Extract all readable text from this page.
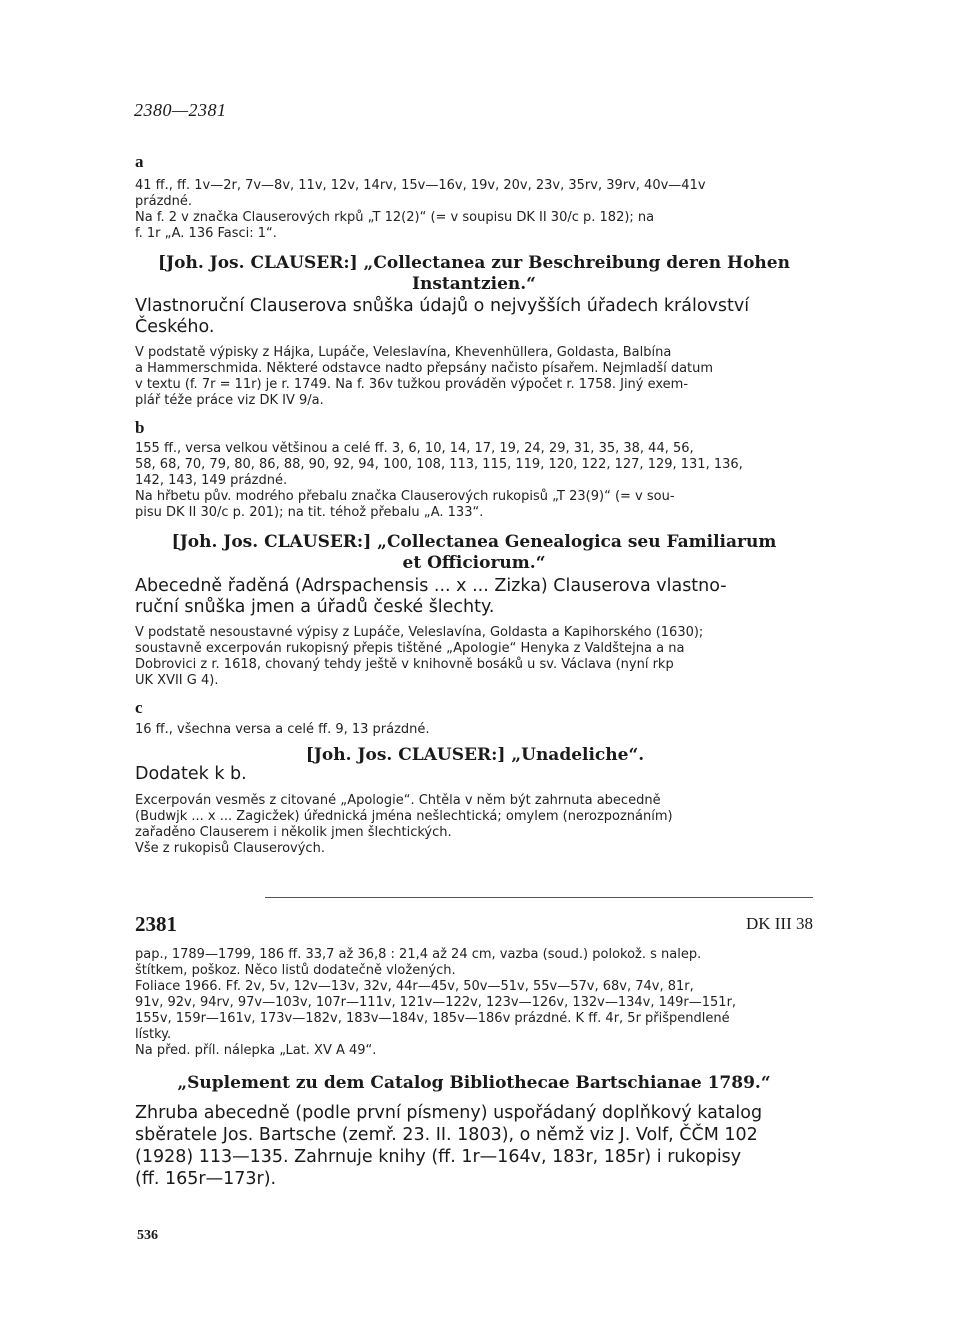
2380—2381
a
41 ff., ff. 1v—2r, 7v—8v, 11v, 12v, 14rv, 15v—16v, 19v, 20v, 23v, 35rv, 39rv, 40v—41v
prázdné.
Na f. 2 v značka Clauserových rkpů „T 12(2)“ (= v soupisu DK II 30/c p. 182); na
f. 1r „A. 136 Fasci: 1“.
[Joh. Jos. CLAUSER:] „Collectanea zur Beschreibung deren Hohen
Instantzien.“
Vlastnoruční Clauserova snůška údajů o nejvyšších úřadech království
Českého.
V podstatě výpisky z Hájka, Lupáče, Veleslavína, Khevenhüllera, Goldasta, Balbína
a Hammerschmida. Některé odstavce nadto přepsány načisto písařem. Nejmladší datum
v textu (f. 7r = 11r) je r. 1749. Na f. 36v tužkou prováděn výpočet r. 1758. Jiný exem-
plář téže práce viz DK IV 9/a.
b
155 ff., versa velkou většinou a celé ff. 3, 6, 10, 14, 17, 19, 24, 29, 31, 35, 38, 44, 56,
58, 68, 70, 79, 80, 86, 88, 90, 92, 94, 100, 108, 113, 115, 119, 120, 122, 127, 129, 131, 136,
142, 143, 149 prázdné.
Na hřbetu pův. modrého přebalu značka Clauserových rukopisů „T 23(9)“ (= v sou-
pisu DK II 30/c p. 201); na tit. téhož přebalu „A. 133“.
[Joh. Jos. CLAUSER:] „Collectanea Genealogica seu Familiarum
et Officiorum.“
Abecedně řaděná (Adrspachensis ... x ... Zizka) Clauserova vlastno-
ruční snůška jmen a úřadů české šlechty.
V podstatě nesoustavné výpisy z Lupáče, Veleslavína, Goldasta a Kapihorského (1630);
soustavně excerpován rukopisný přepis tištěné „Apologie“ Henyka z Valdštejna a na
Dobrovici z r. 1618, chovaný tehdy ještě v knihovně bosáků u sv. Václava (nyní rkp
UK XVII G 4).
c
16 ff., všechna versa a celé ff. 9, 13 prázdné.
[Joh. Jos. CLAUSER:] „Unadeliche“.
Dodatek k b.
Excerpován vesměs z citované „Apologie“. Chtěla v něm být zahrnuta abecedně
(Budwjk ... x ... Zagicžek) úřednická jména nešlechtická; omylem (nerozpoznáním)
zařaděno Clauserem i několik jmen šlechtických.
Vše z rukopisů Clauserových.
2381	DK III 38
pap., 1789—1799, 186 ff. 33,7 až 36,8 : 21,4 až 24 cm, vazba (soud.) polokož. s nalep.
štítkem, poškoz. Něco listů dodatečně vložených.
Foliace 1966. Ff. 2v, 5v, 12v—13v, 32v, 44r—45v, 50v—51v, 55v—57v, 68v, 74v, 81r,
91v, 92v, 94rv, 97v—103v, 107r—111v, 121v—122v, 123v—126v, 132v—134v, 149r—151r,
155v, 159r—161v, 173v—182v, 183v—184v, 185v—186v prázdné. K ff. 4r, 5r přišpendlené
lístky.
Na před. příl. nálepka „Lat. XV A 49“.
„Suplement zu dem Catalog Bibliothecae Bartschianae 1789.“
Zhruba abecedně (podle první písmeny) uspořádaný doplňkový katalog
sběratele Jos. Bartsche (zemř. 23. II. 1803), o němž viz J. Volf, ČČM 102
(1928) 113—135. Zahrnuje knihy (ff. 1r—164v, 183r, 185r) i rukopisy
(ff. 165r—173r).
536
